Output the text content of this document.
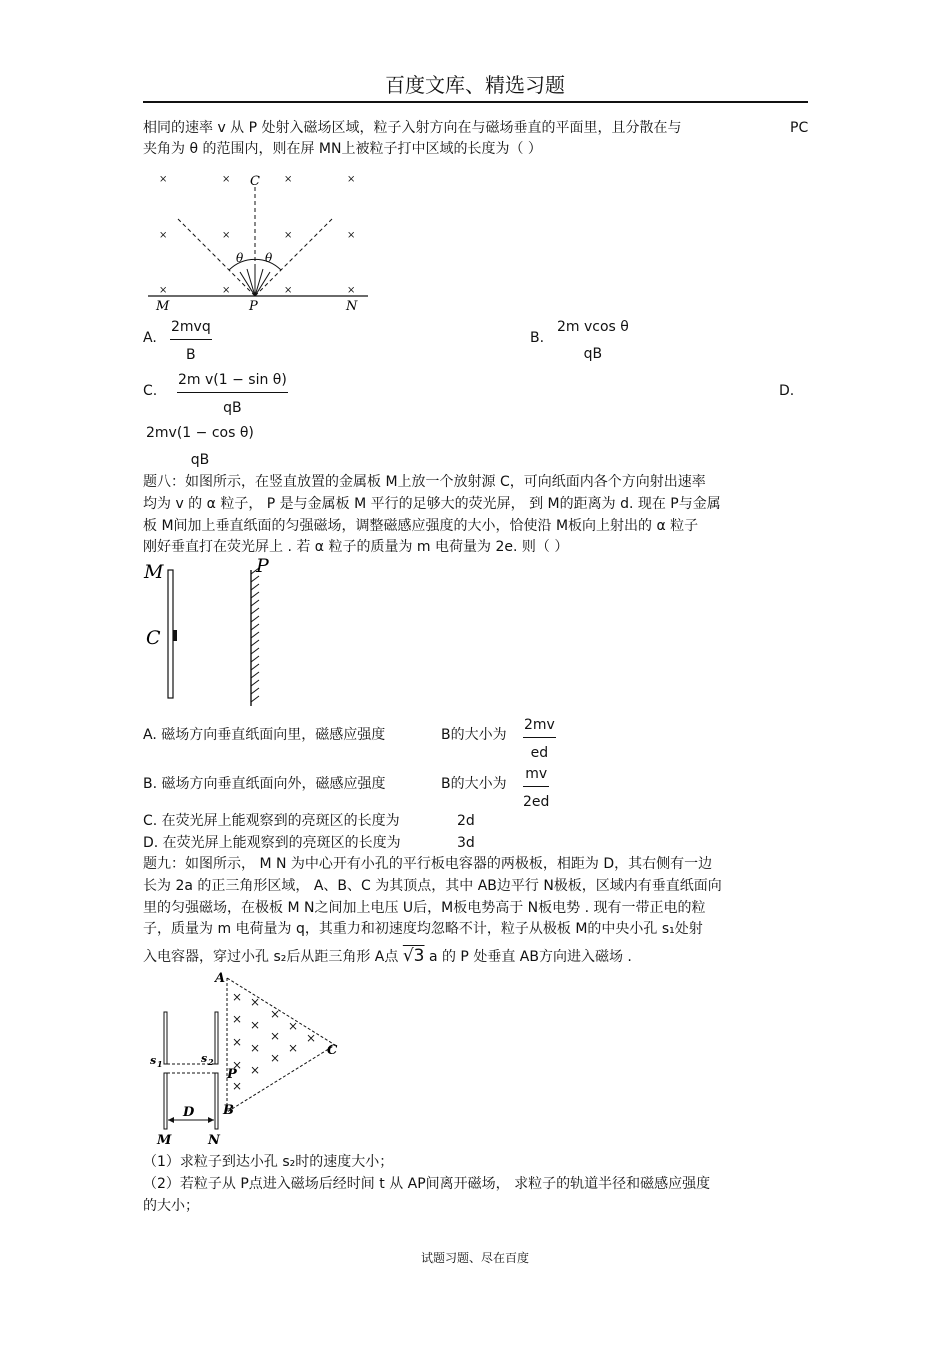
百度文库、精选习题
相同的速率 v 从 P 处射入磁场区域，粒子入射方向在与磁场垂直的平面里，且分散在与	PC
夹角为 θ 的范围内，则在屏 MN上被粒子打中区域的长度为（ ）
×	×	×	×
×	×	×	×
×	×	×	×
C
θ θ
M	P	N
A.
2mvq
B
B.
2m vcos θ
qB
C. $\frac{\text{2m v(1 − sin θ)}}{qB}$	D.
2mv(1 − cos θ)
qB
题八：如图所示，在竖直放置的金属板 M上放一个放射源 C，可向纸面内各个方向射出速率
均为 v 的 α 粒子， P 是与金属板 M 平行的足够大的荧光屏， 到 M的距离为 d. 现在 P与金属
板 M间加上垂直纸面的匀强磁场，调整磁感应强度的大小，恰使沿 M板向上射出的 α 粒子
刚好垂直打在荧光屏上 . 若 α 粒子的质量为 m 电荷量为 2e. 则（ ）
M
C
P
A. 磁场方向垂直纸面向里，磁感应强度	B的大小为 $\frac{2mv}{ed}$
B. 磁场方向垂直纸面向外，磁感应强度	B的大小为 $\frac{mv}{2ed}$
C. 在荧光屏上能观察到的亮斑区的长度为	2d
D. 在荧光屏上能观察到的亮斑区的长度为	3d
题九：如图所示， M N 为中心开有小孔的平行板电容器的两极板，相距为 D，其右侧有一边
长为 2a 的正三角形区域， A、B、C 为其顶点，其中 AB边平行 N极板，区域内有垂直纸面向
里的匀强磁场，在极板 M N之间加上电压 U后，M板电势高于 N板电势 . 现有一带正电的粒
子，质量为 m 电荷量为 q，其重力和初速度均忽略不计，粒子从极板 M的中央小孔 s₁处射
入电容器，穿过小孔 s₂后从距三角形 A点 √3 a 的 P 处垂直 AB方向进入磁场 .
×
×
×
×
×
×
×
×
×
×
×
×
×
×
×
A
P
B
C
D
M	N
s 1	s 2
（1）求粒子到达小孔 s₂时的速度大小；
（2）若粒子从 P点进入磁场后经时间 t 从 AP间离开磁场， 求粒子的轨道半径和磁感应强度
的大小；
试题习题、尽在百度
